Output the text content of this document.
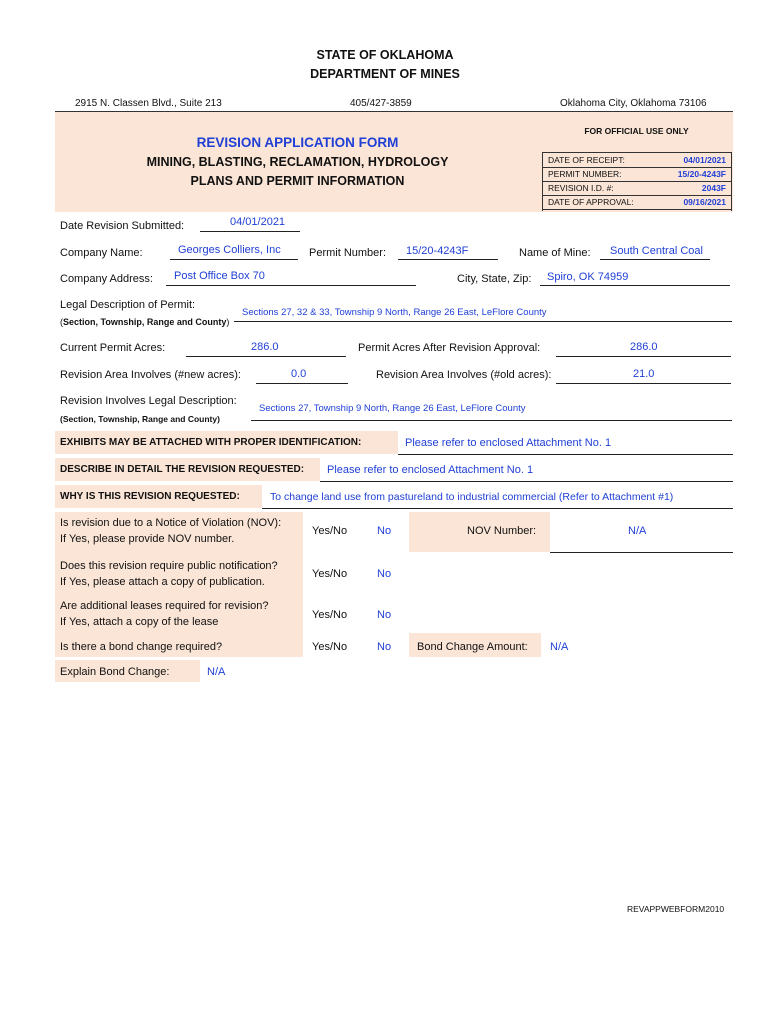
STATE OF OKLAHOMA
DEPARTMENT OF MINES
2915 N. Classen Blvd., Suite 213	405/427-3859	Oklahoma City, Oklahoma 73106
REVISION APPLICATION FORM
MINING, BLASTING, RECLAMATION, HYDROLOGY
PLANS AND PERMIT INFORMATION
FOR OFFICIAL USE ONLY
DATE OF RECEIPT:	04/01/2021
PERMIT NUMBER:	15/20-4243F
REVISION I.D. #:	2043F
DATE OF APPROVAL:	09/16/2021
Date Revision Submitted:	04/01/2021
Company Name:	Georges Colliers, Inc	Permit Number: 15/20-4243F	Name of Mine: South Central Coal
Company Address: Post Office Box 70	City, State, Zip: Spiro, OK 74959
Legal Description of Permit:
(Section, Township, Range and County)
Sections 27, 32 & 33, Township 9 North, Range 26 East, LeFlore County
Current Permit Acres:	286.0	Permit Acres After Revision Approval:	286.0
Revision Area Involves (#new acres):	0.0	Revision Area Involves (#old acres):	21.0
Revision Involves Legal Description:
(Section, Township, Range and County)
Sections 27, Township 9 North, Range 26 East, LeFlore County
EXHIBITS MAY BE ATTACHED WITH PROPER IDENTIFICATION:	Please refer to enclosed Attachment No. 1
DESCRIBE IN DETAIL THE REVISION REQUESTED: Please refer to enclosed Attachment No. 1
WHY IS THIS REVISION REQUESTED:	To change land use from pastureland to industrial commercial (Refer to Attachment #1)
Is revision due to a Notice of Violation (NOV):
If Yes, please provide NOV number.
Yes/No	No	NOV Number:	N/A
Does this revision require public notification?
If Yes, please attach a copy of publication.
Yes/No	No
Are additional leases required for revision?
If Yes, attach a copy of the lease
Yes/No	No
Is there a bond change required?	Yes/No	No Bond Change Amount: N/A
Explain Bond Change:	N/A
REVAPPWEBFORM2010
